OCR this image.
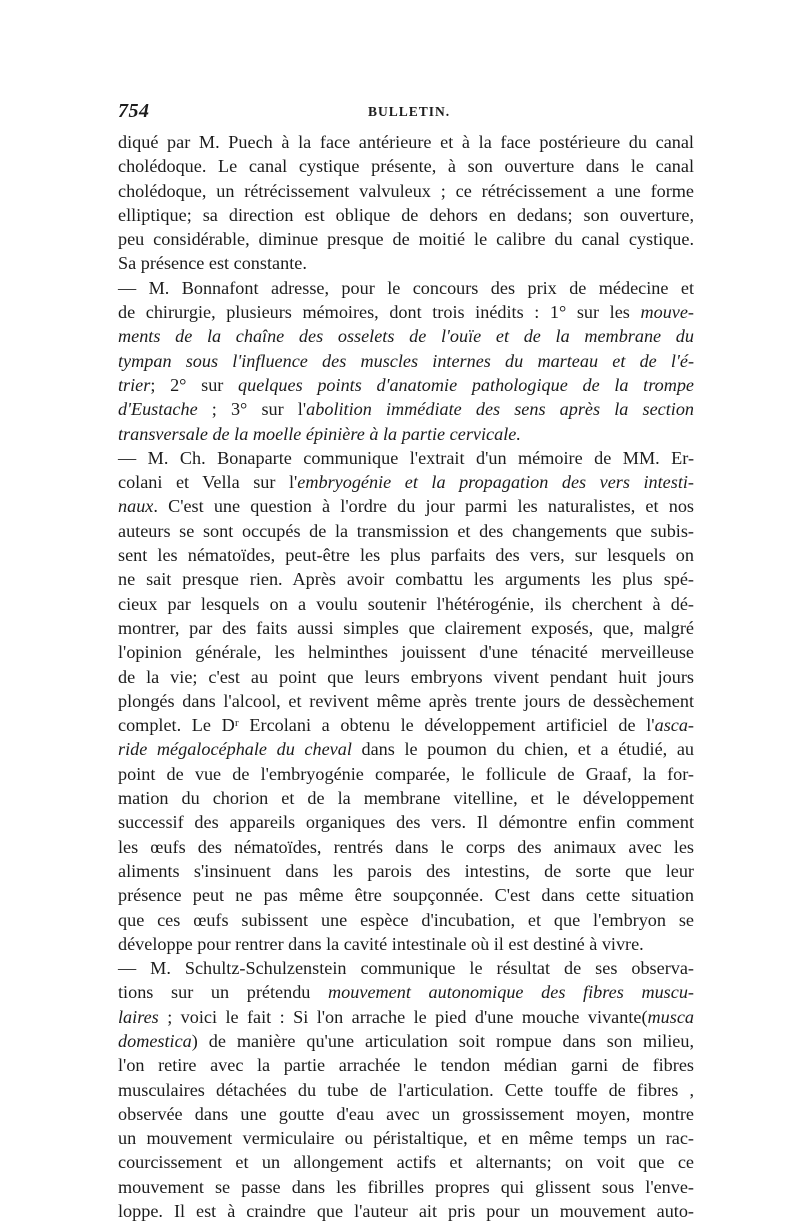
754	BULLETIN.
diqué par M. Puech à la face antérieure et à la face postérieure du canal
cholédoque. Le canal cystique présente, à son ouverture dans le canal
cholédoque, un rétrécissement valvuleux ; ce rétrécissement a une forme
elliptique; sa direction est oblique de dehors en dedans; son ouverture,
peu considérable, diminue presque de moitié le calibre du canal cystique.
Sa présence est constante.
— M. Bonnafont adresse, pour le concours des prix de médecine et
de chirurgie, plusieurs mémoires, dont trois inédits : 1° sur les mouve-
ments de la chaîne des osselets de l'ouïe et de la membrane du
tympan sous l'influence des muscles internes du marteau et de l'é-
trier; 2° sur quelques points d'anatomie pathologique de la trompe
d'Eustache ; 3° sur l'abolition immédiate des sens après la section
transversale de la moelle épinière à la partie cervicale.
— M. Ch. Bonaparte communique l'extrait d'un mémoire de MM. Er-
colani et Vella sur l'embryogénie et la propagation des vers intesti-
naux. C'est une question à l'ordre du jour parmi les naturalistes, et nos
auteurs se sont occupés de la transmission et des changements que subis-
sent les nématoïdes, peut-être les plus parfaits des vers, sur lesquels on
ne sait presque rien. Après avoir combattu les arguments les plus spé-
cieux par lesquels on a voulu soutenir l'hétérogénie, ils cherchent à dé-
montrer, par des faits aussi simples que clairement exposés, que, malgré
l'opinion générale, les helminthes jouissent d'une ténacité merveilleuse
de la vie; c'est au point que leurs embryons vivent pendant huit jours
plongés dans l'alcool, et revivent même après trente jours de dessèchement
complet. Le Dʳ Ercolani a obtenu le développement artificiel de l'asca-
ride mégalocéphale du cheval dans le poumon du chien, et a étudié, au
point de vue de l'embryogénie comparée, le follicule de Graaf, la for-
mation du chorion et de la membrane vitelline, et le développement
successif des appareils organiques des vers. Il démontre enfin comment
les œufs des nématoïdes, rentrés dans le corps des animaux avec les
aliments s'insinuent dans les parois des intestins, de sorte que leur
présence peut ne pas même être soupçonnée. C'est dans cette situation
que ces œufs subissent une espèce d'incubation, et que l'embryon se
développe pour rentrer dans la cavité intestinale où il est destiné à vivre.
— M. Schultz-Schulzenstein communique le résultat de ses observa-
tions sur un prétendu mouvement autonomique des fibres muscu-
laires ; voici le fait : Si l'on arrache le pied d'une mouche vivante(musca
domestica) de manière qu'une articulation soit rompue dans son milieu,
l'on retire avec la partie arrachée le tendon médian garni de fibres
musculaires détachées du tube de l'articulation. Cette touffe de fibres ,
observée dans une goutte d'eau avec un grossissement moyen, montre
un mouvement vermiculaire ou péristaltique, et en même temps un rac-
courcissement et un allongement actifs et alternants; on voit que ce
mouvement se passe dans les fibrilles propres qui glissent sous l'enve-
loppe. Il est à craindre que l'auteur ait pris pour un mouvement auto-
